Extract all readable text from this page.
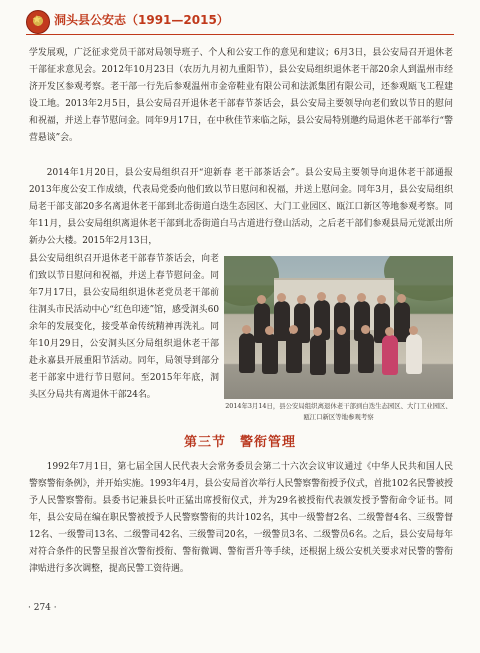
★
洞头县公安志（1991—2015）

学发展观，广泛征求党员干部对局领导班子、个人和公安工作的意见和建议；6月3日，县公安局召开退休老干部征求意见会。2012年10月23日（农历九月初九重阳节），县公安局组织退休老干部20余人到温州市经济开发区参观考察。老干部一行先后参观温州市金帝鞋业有限公司和法派集团有限公司，还参观瓯飞工程建设工地。2013年2月5日，县公安局召开退休老干部春节茶话会，县公安局主要领导向老们致以节日的慰问和祝福，并送上春节慰问金。同年9月17日，在中秋佳节来临之际，县公安局特别邀约局退休老干部举行“警营悬谈”会。

2014年1月20日，县公安局组织召开“迎新春 老干部茶话会”。县公安局主要领导向退休老干部通报2013年度公安工作成绩，代表局党委向他们致以节日慰问和祝福，并送上慰问金。同年3月，县公安局组织局老干部支部20多名离退休老干部到北岙街道白迭生态园区、大门工业园区、瓯江口新区等地参观考察。同年11月，县公安局组织离退休老干部到北岙街道白马古道进行登山活动，之后老干部们参观县局元觉派出所新办公大楼。2015年2月13日，

县公安局组织召开退休老干部春节茶话会，向老们致以节日慰问和祝福，并送上春节慰问金。同年7月17日，县公安局组织退休老党员老干部前往洞头市民活动中心“红色印迹”馆，感受洞头60余年的发展变化，接受革命传统精神再洗礼。同年10月29日，公安洞头区分局组织退休老干部赴永嘉县开展重阳节活动。同年，局领导到部分老干部家中进行节日慰问。至2015年年底，洞头区分局共有离退休干部24名。

2014年3月14日，县公安局组织离退休老干部到白迭生态园区、大门工业园区、瓯江口新区等地参观考察

第三节　警衔管理

1992年7月1日，第七届全国人民代表大会常务委员会第二十六次会议审议通过《中华人民共和国人民警察警衔条例》，并开始实施。1993年4月，县公安局首次举行人民警察警衔授予仪式，首批102名民警被授予人民警察警衔。县委书记兼县长叶正猛出席授衔仪式，并为29名被授衔代表颁发授予警衔命令证书。同年，县公安局在编在职民警被授予人民警察警衔的共计102名，其中一级警督2名、二级警督4名、三级警督12名、一级警司13名、二级警司42名、三级警司20名，一级警员3名、二级警员6名。之后，县公安局每年对符合条件的民警呈报首次警衔授衔、警衔微调、警衔晋升等手续，还根据上级公安机关要求对民警的警衔津贴进行多次调整，提高民警工资待遇。

· 274 ·
